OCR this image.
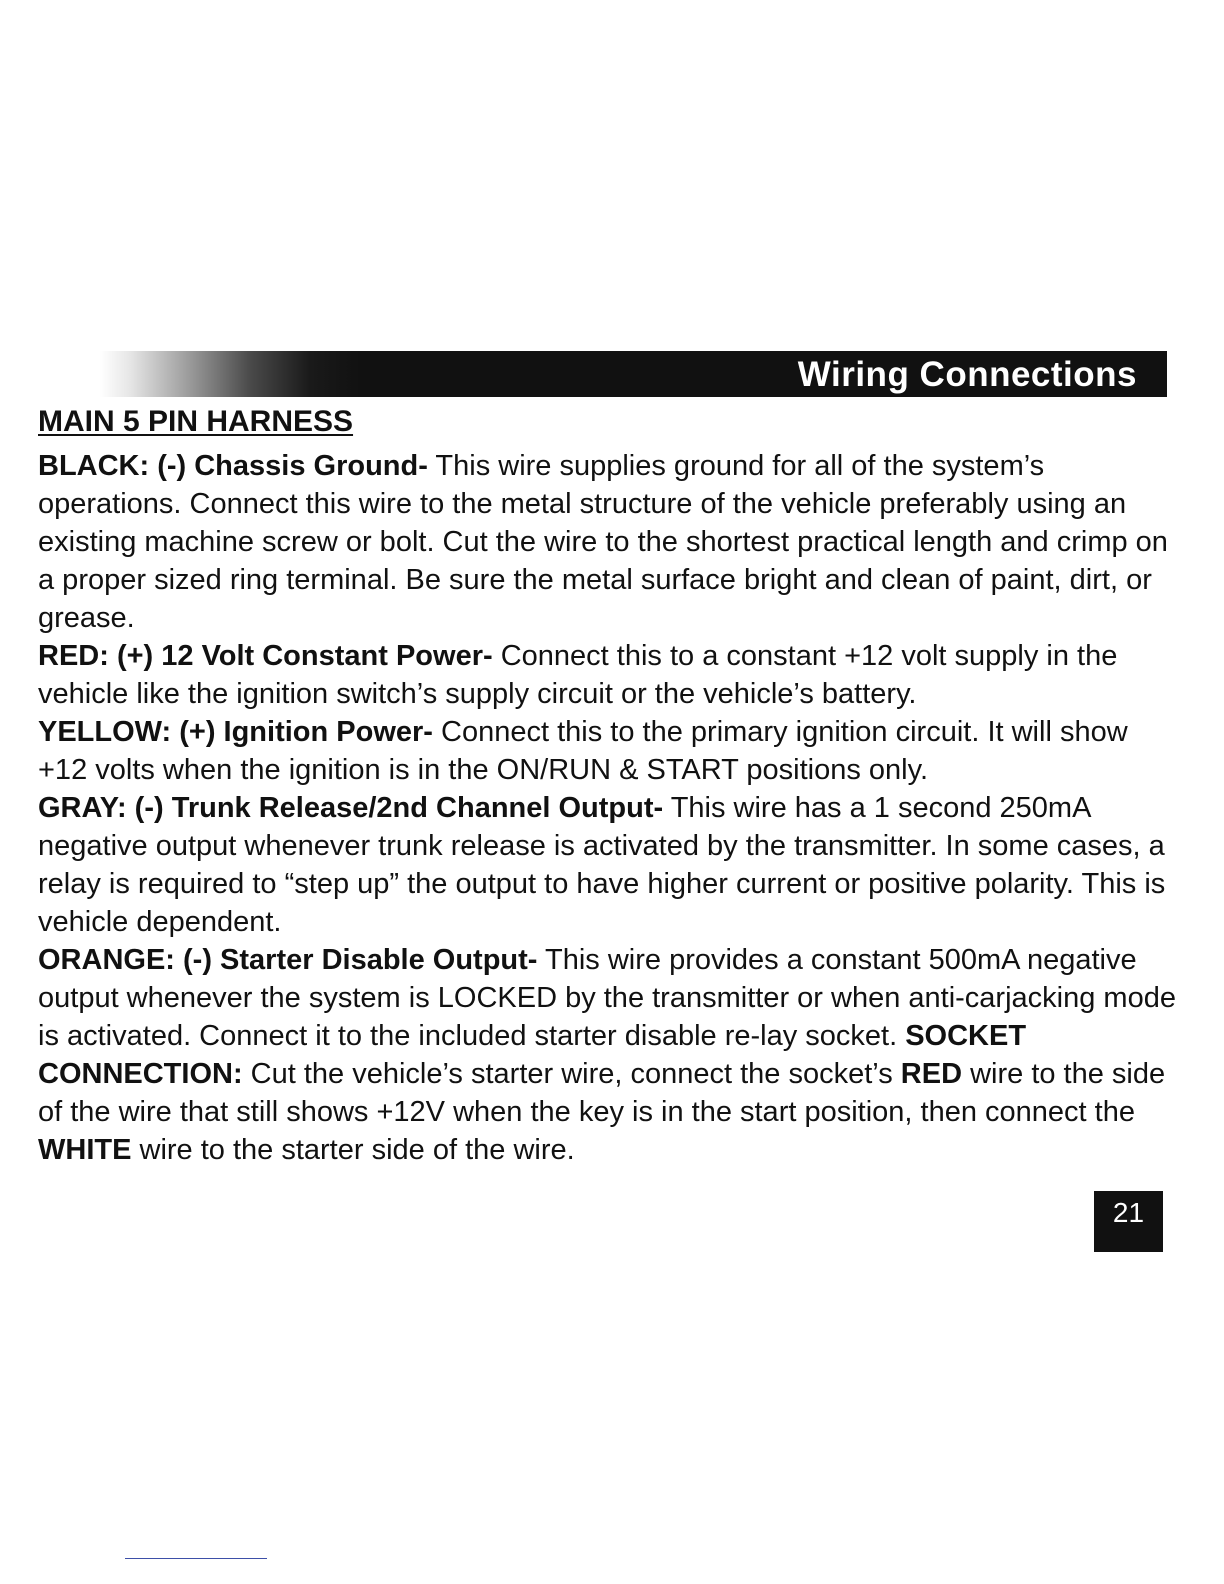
Wiring Connections
MAIN 5 PIN HARNESS

BLACK: (-) Chassis Ground- This wire supplies ground for all of the system’s operations. Connect this wire to the metal structure of the vehicle preferably using an existing machine screw or bolt. Cut the wire to the shortest practical length and crimp on a proper sized ring terminal. Be sure the metal surface bright and clean of paint, dirt, or grease.

RED: (+) 12 Volt Constant Power- Connect this to a constant +12 volt supply in the vehicle like the ignition switch’s supply circuit or the vehicle’s battery.

YELLOW: (+) Ignition Power- Connect this to the primary ignition circuit. It will show +12 volts when the ignition is in the ON/RUN & START positions only.

GRAY: (-) Trunk Release/2nd Channel Output- This wire has a 1 second 250mA negative output whenever trunk release is activated by the transmitter. In some cases, a relay is required to “step up” the output to have higher current or positive polarity. This is vehicle dependent.

ORANGE: (-) Starter Disable Output- This wire provides a constant 500mA negative output whenever the system is LOCKED by the transmitter or when anti-carjacking mode is activated. Connect it to the included starter disable re-lay socket. SOCKET CONNECTION: Cut the vehicle’s starter wire, connect the socket’s RED wire to the side of the wire that still shows +12V when the key is in the start position, then connect the WHITE wire to the starter side of the wire.

21
